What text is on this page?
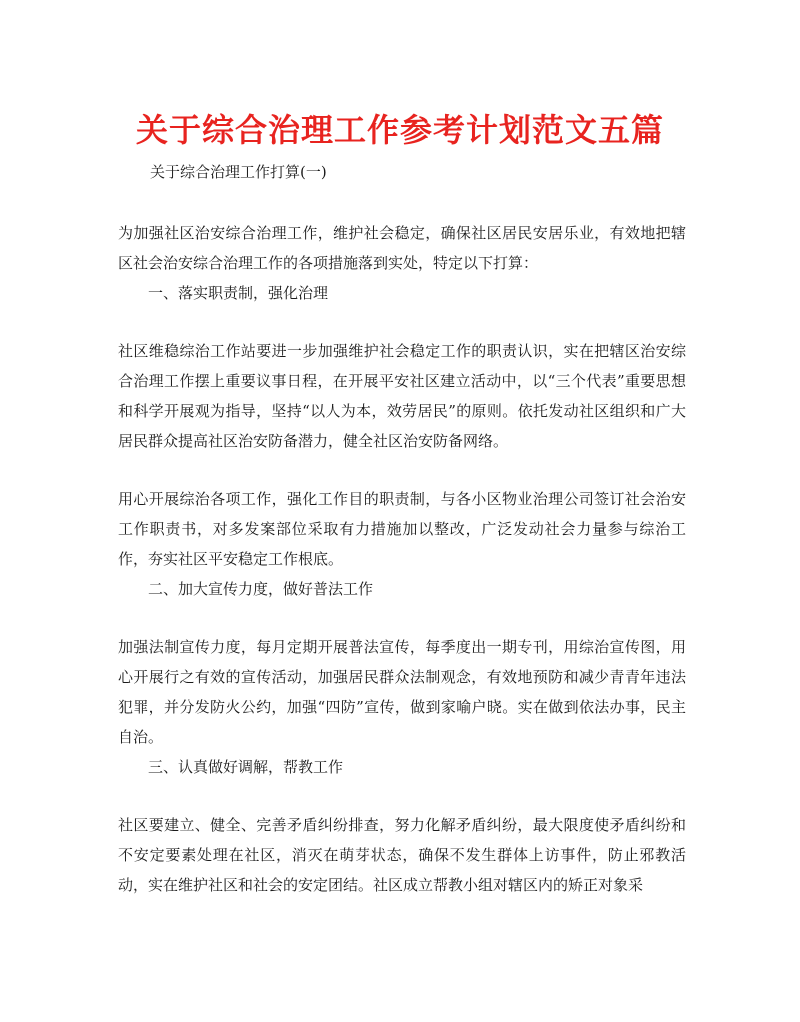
关于综合治理工作参考计划范文五篇
关于综合治理工作打算(一)

为加强社区治安综合治理工作，维护社会稳定，确保社区居民安居乐业，有效地把辖区社会治安综合治理工作的各项措施落到实处，特定以下打算：

一、落实职责制，强化治理

社区维稳综治工作站要进一步加强维护社会稳定工作的职责认识，实在把辖区治安综合治理工作摆上重要议事日程，在开展平安社区建立活动中，以“三个代表”重要思想和科学开展观为指导，坚持“以人为本，效劳居民”的原则。依托发动社区组织和广大居民群众提高社区治安防备潜力，健全社区治安防备网络。

用心开展综治各项工作，强化工作目的职责制，与各小区物业治理公司签订社会治安工作职责书，对多发案部位采取有力措施加以整改，广泛发动社会力量参与综治工作，夯实社区平安稳定工作根底。

二、加大宣传力度，做好普法工作

加强法制宣传力度，每月定期开展普法宣传，每季度出一期专刊，用综治宣传图，用心开展行之有效的宣传活动，加强居民群众法制观念，有效地预防和减少青青年违法犯罪，并分发防火公约，加强“四防”宣传，做到家喻户晓。实在做到依法办事，民主自治。

三、认真做好调解，帮教工作

社区要建立、健全、完善矛盾纠纷排查，努力化解矛盾纠纷，最大限度使矛盾纠纷和不安定要素处理在社区，消灭在萌芽状态，确保不发生群体上访事件，防止邪教活动，实在维护社区和社会的安定团结。社区成立帮教小组对辖区内的矫正对象采
